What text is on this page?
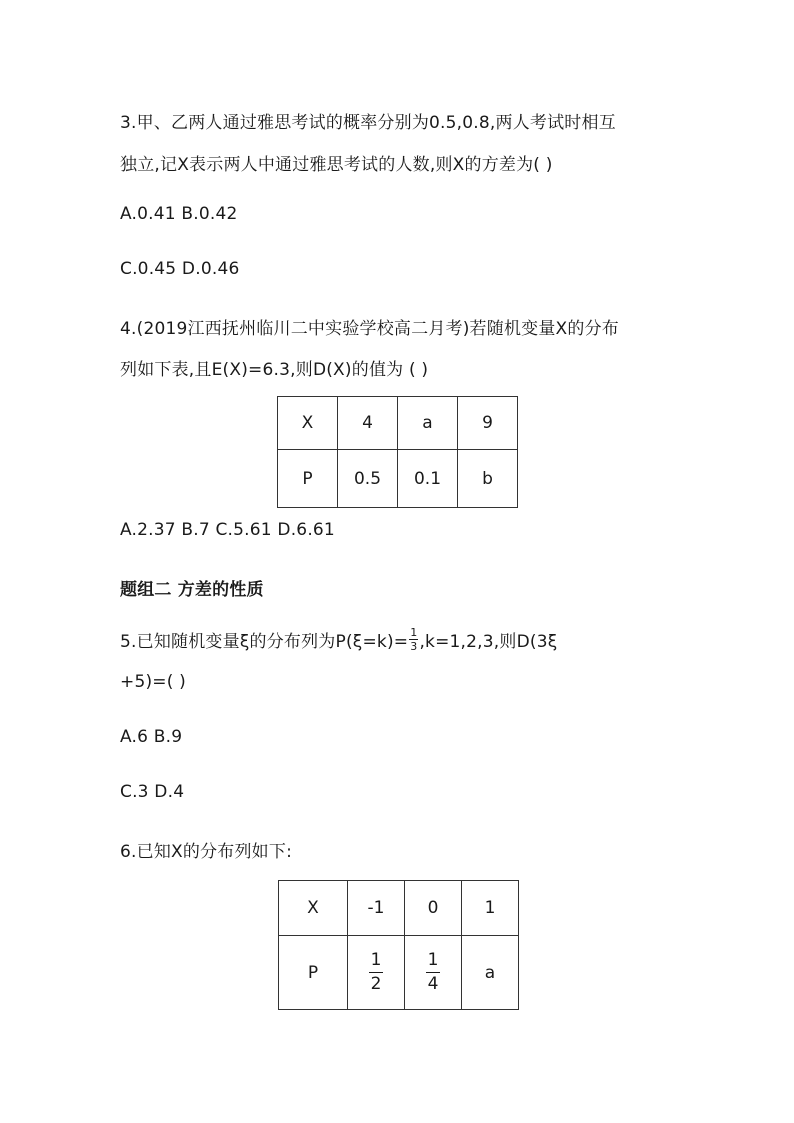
3.甲、乙两人通过雅思考试的概率分别为0.5,0.8,两人考试时相互
独立,记X表示两人中通过雅思考试的人数,则X的方差为( )
A.0.41 B.0.42
C.0.45 D.0.46
4.(2019江西抚州临川二中实验学校高二月考)若随机变量X的分布
列如下表,且E(X)=6.3,则D(X)的值为 ( )
X	4	a	9
P	0.5	0.1	b
A.2.37 B.7 C.5.61 D.6.61
题组二 方差的性质
5.已知随机变量ξ的分布列为$P(\xi=k)= \frac{1}{3} ,k=1,2,3$,则D(3ξ
+5)=( )
A.6 B.9
C.3 D.4
6.已知X的分布列如下:
X	-1	0	1
P	$\frac{1}{2}$	$\frac{1}{4}$	a
